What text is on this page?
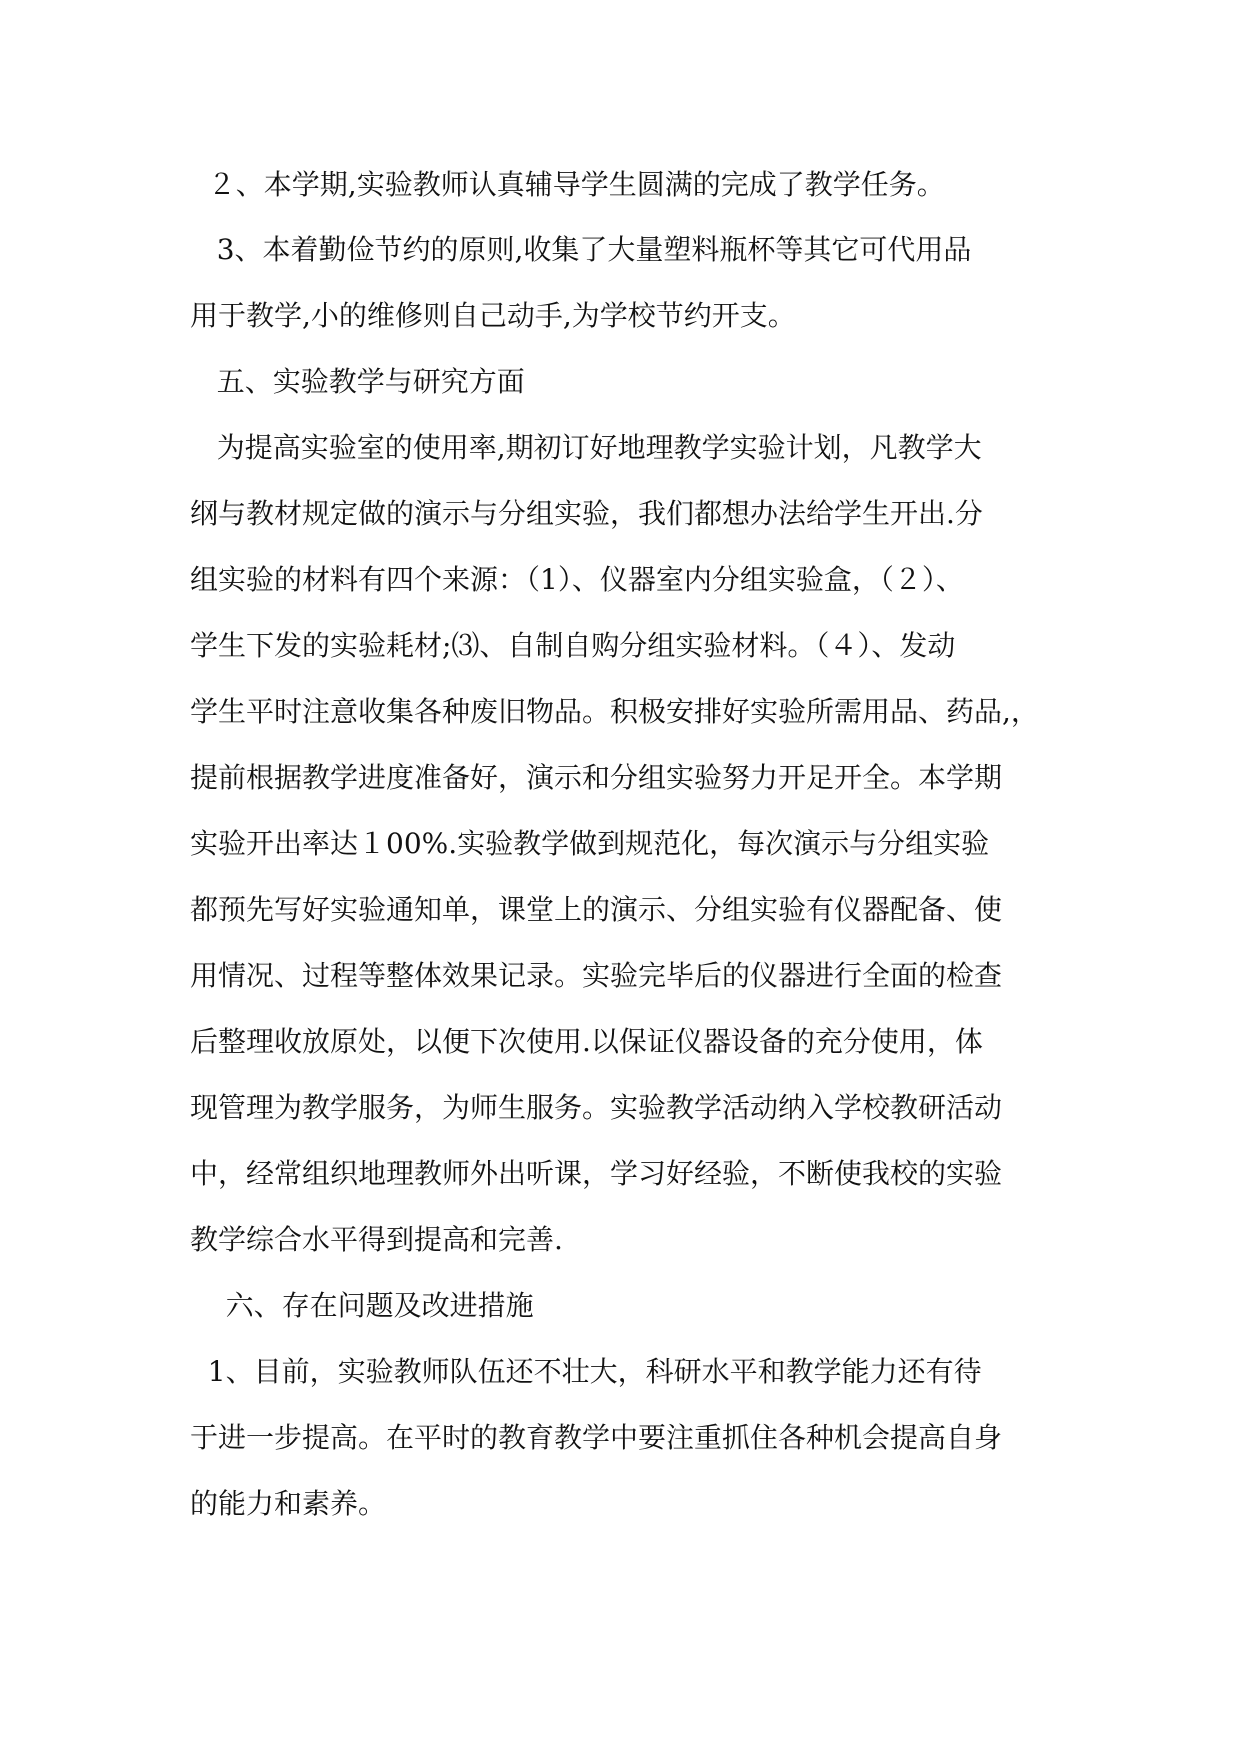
２、本学期,实验教师认真辅导学生圆满的完成了教学任务。
3、本着勤俭节约的原则,收集了大量塑料瓶杯等其它可代用品
用于教学,小的维修则自己动手,为学校节约开支。
五、实验教学与研究方面
为提高实验室的使用率,期初订好地理教学实验计划，凡教学大
纲与教材规定做的演示与分组实验，我们都想办法给学生开出.分
组实验的材料有四个来源：（1）、仪器室内分组实验盒，（２）、
学生下发的实验耗材;⑶、自制自购分组实验材料。（４）、发动
学生平时注意收集各种废旧物品。积极安排好实验所需用品、药品,，
提前根据教学进度准备好，演示和分组实验努力开足开全。本学期
实验开出率达１00%.实验教学做到规范化，每次演示与分组实验
都预先写好实验通知单，课堂上的演示、分组实验有仪器配备、使
用情况、过程等整体效果记录。实验完毕后的仪器进行全面的检查
后整理收放原处，以便下次使用.以保证仪器设备的充分使用，体
现管理为教学服务，为师生服务。实验教学活动纳入学校教研活动
中，经常组织地理教师外出听课，学习好经验，不断使我校的实验
教学综合水平得到提高和完善.
六、存在问题及改进措施
1、目前，实验教师队伍还不壮大，科研水平和教学能力还有待
于进一步提高。在平时的教育教学中要注重抓住各种机会提高自身
的能力和素养。
